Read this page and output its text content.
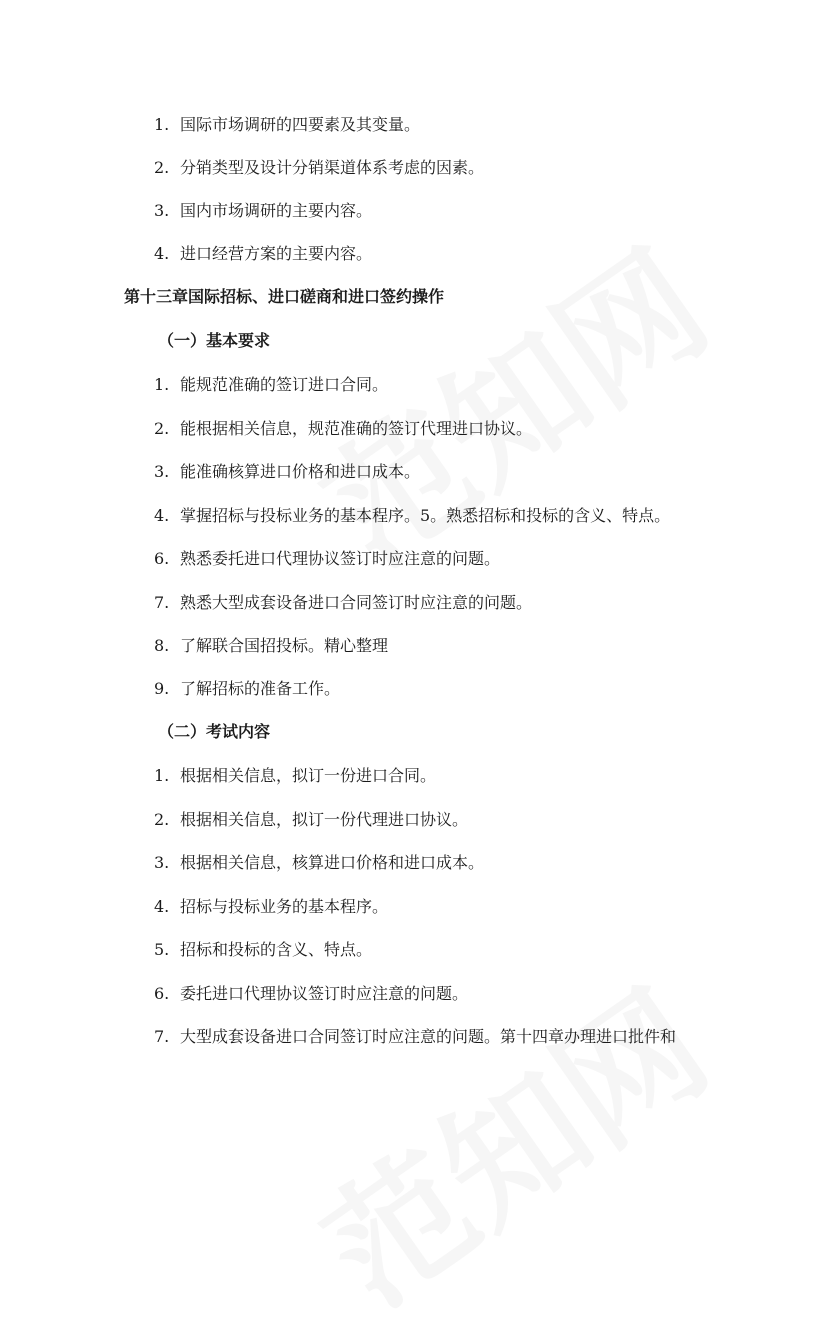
1. 国际市场调研的四要素及其变量。
2. 分销类型及设计分销渠道体系考虑的因素。
3. 国内市场调研的主要内容。
4. 进口经营方案的主要内容。
第十三章国际招标、进口磋商和进口签约操作
（一）基本要求
1. 能规范准确的签订进口合同。
2. 能根据相关信息，规范准确的签订代理进口协议。
3. 能准确核算进口价格和进口成本。
4. 掌握招标与投标业务的基本程序。5。熟悉招标和投标的含义、特点。
6. 熟悉委托进口代理协议签订时应注意的问题。
7. 熟悉大型成套设备进口合同签订时应注意的问题。
8. 了解联合国招投标。精心整理
9. 了解招标的准备工作。
（二）考试内容
1. 根据相关信息，拟订一份进口合同。
2. 根据相关信息，拟订一份代理进口协议。
3. 根据相关信息，核算进口价格和进口成本。
4. 招标与投标业务的基本程序。
5. 招标和投标的含义、特点。
6. 委托进口代理协议签订时应注意的问题。
7. 大型成套设备进口合同签订时应注意的问题。第十四章办理进口批件和
